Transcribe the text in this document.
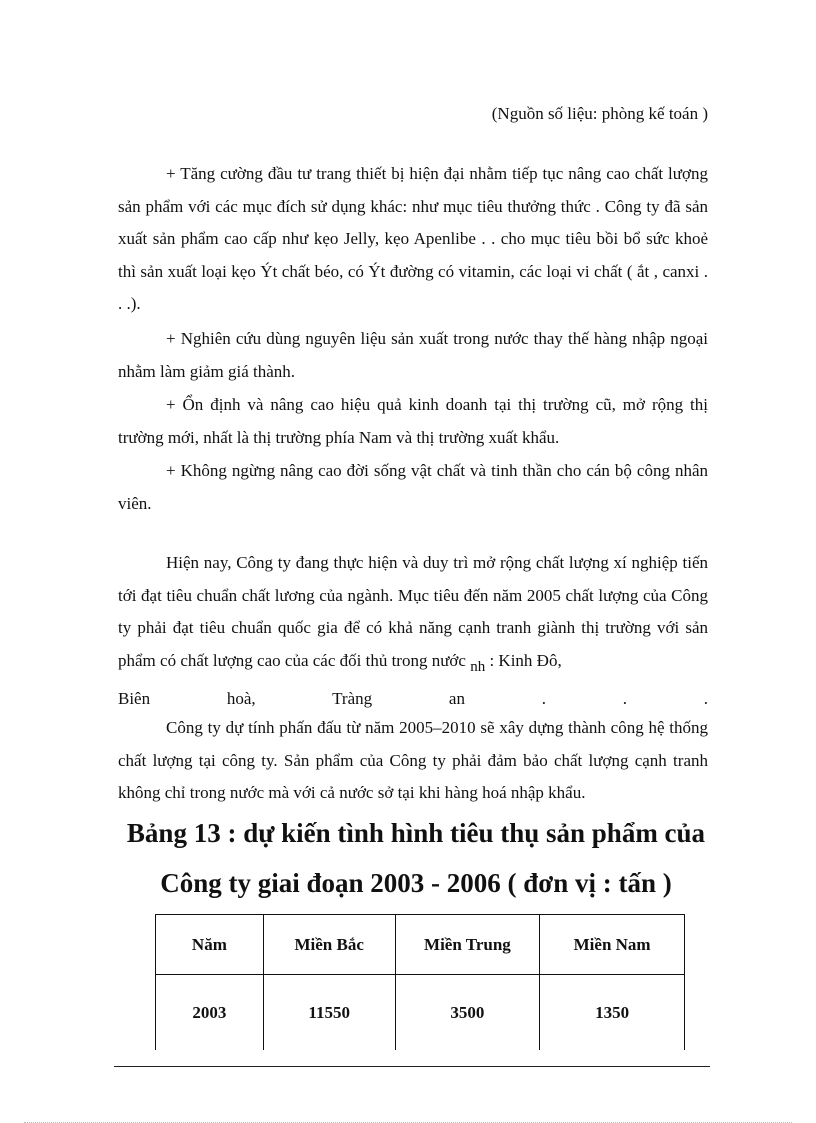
(Nguồn số liệu: phòng kế toán )

+ Tăng cường đầu tư trang thiết bị hiện đại nhằm tiếp tục nâng cao chất lượng sản phẩm với các mục đích sử dụng khác: như mục tiêu thưởng thức . Công ty đã sản xuất sản phẩm cao cấp như kẹo Jelly, kẹo Apenlibe . . cho mục tiêu bồi bổ sức khoẻ thì sản xuất loại kẹo Ýt chất béo, có Ýt đường có vitamin, các loại vi chất ( ắt , canxi . . .).

+ Nghiên cứu dùng nguyên liệu sản xuất trong nước thay thế hàng nhập ngoại nhằm làm giảm giá thành.

+ Ổn định và nâng cao hiệu quả kinh doanh tại thị trường cũ, mở rộng thị trường mới, nhất là thị trường phía Nam và thị trường xuất khẩu.

+ Không ngừng nâng cao đời sống vật chất và tinh thần cho cán bộ công nhân viên.

Hiện nay, Công ty đang thực hiện và duy trì mở rộng chất lượng xí nghiệp tiến tới đạt tiêu chuẩn chất lương của ngành. Mục tiêu đến năm 2005 chất lượng của Công ty phải đạt tiêu chuẩn quốc gia để có khả năng cạnh tranh giành thị trường với sản phẩm có chất lượng cao của các đối thủ trong nước nh : Kinh Đô,

Biên	hoà,	Tràng	an	.	.	.

Công ty dự tính phấn đấu từ năm 2005–2010 sẽ xây dựng thành công hệ thống chất lượng tại công ty. Sản phẩm của Công ty phải đảm bảo chất lượng cạnh tranh không chỉ trong nước mà với cả nước sở tại khi hàng hoá nhập khẩu.

Bảng 13 : dự kiến tình hình tiêu thụ sản phẩm của
Công ty giai đoạn 2003 - 2006 ( đơn vị : tấn )
Năm	Miền Bắc	Miền Trung	Miền Nam
2003	11550	3500	1350
